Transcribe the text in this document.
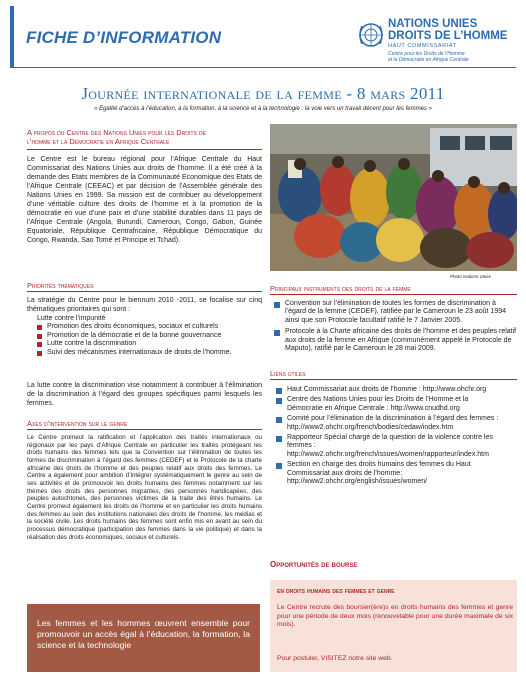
FICHE D’INFORMATION
NATIONS UNIES
DROITS DE L’HOMME
HAUT COMMISSARIAT
Centre pour les Droits de l’Homme
et la Démocratie en Afrique Centrale
Journée internationale de la femme - 8 mars 2011
« Egalité d’accès à l’éducation, à la formation, à la science et à la technologie : la voie vers un travail décent pour les femmes »
A propos du Centre des Nations Unies pour les Droits de
l’homme et la Démocratie en Afrique Centrale
Le Centre est le bureau régional pour l’Afrique Centrale du Haut Commissariat des Nations Unies aux droits de l’homme. Il a été créé à la demande des Etats membres de la Communauté Economique des Etats de l’Afrique Centrale (CEEAC) et par décision de l’Assemblée générale des Nations Unies en 1999. Sa mission est de contribuer au développement d’une véritable culture des droits de l’homme et à la promotion de la démocratie en vue d’une paix et d’une stabilité durables dans 11 pays de l’Afrique Centrale (Angola, Burundi, Cameroun, Congo, Gabon, Guinée Equatoriale, République Centrafricaine, République Démocratique du Congo, Rwanda, Sao Tomé et Principe et Tchad).
Priorités thématiques
La stratégie du Centre pour le biennum 2010 -2011, se focalise sur cinq thématiques prioritaires qui sont :
Lutte contre l’impunité
Promotion des droits économiques, sociaux et culturels
Promotion de la démocratie et de la bonne gouvernance
Lutte contre la discrimination
Suivi des mécanismes internationaux de droits de l’homme.
La lutte contre la discrimination vise notamment à contribuer à l’élimination de la discrimination à l’égard des groupes spécifiques parmi lesquels les femmes.
Axes d’intervention sur le genre
Le Centre promeut la ratification et l’application des traités internationaux ou régionaux par les pays d’Afrique Centrale en particulier les traités protégeant les droits humains des femmes tels que la Convention sur l’élimination de toutes les formes de discrimination à l’égard des femmes (CEDEF) et le Protocole de la charte africaine des droits de l’homme et des peuples relatif aux droits des femmes. Le Centre a également pour ambition d’intégrer systématiquement le genre au sein de ses activités et de promouvoir les droits humains des femmes notamment sur les thèmes des droits des personnes migrantes, des personnes handicapées, des peuples autochtones, des personnes victimes de la traite des êtres humains. Le Centre promeut également les droits de l’homme et en particulier les droits humains des femmes au sein des institutions nationales des droits de l’homme, les médias et la société civile. Les droits humains des femmes sont enfin mis en avant au sein du processus démocratique (participation des femmes dans la vie politique) et dans la réalisation des droits économiques, sociaux et culturels.
Les femmes et les hommes œuvrent ensemble pour promouvoir un accès égal à l’éducation, la formation, la science et la technologie
Photo Nations Unies
Principaux instruments des droits de la femme
Convention sur l’élimination de toutes les formes de discrimination à l’égard de la femme (CEDEF), ratifiée par le Cameroun le 23 août 1994 ainsi que son Protocole facultatif ratifié le 7 Janvier 2005.
Protocole à la Charte africaine des droits de l’homme et des peuples relatif aux droits de la femme en Afrique (communément appelé le Protocole de Maputo), ratifié par le Cameroun le 28 mai 2009.
Liens utiles
Haut Commissariat aux droits de l’homme : http://www.ohchr.org
Centre des Nations Unies pour les Droits de l’Homme et la Démocratie en Afrique Centrale : http://www.cnudhd.org
Comité pour l’élimination de la discrimination à l’égard des femmes : http://www2.ohchr.org/french/bodies/cedaw/index.htm
Rapporteur Spécial chargé de la question de la violence contre les femmes : http://www2.ohchr.org/french/issues/women/rapporteur/index.htm
Section en charge des droits humains des femmes du Haut Commissariat aux droits de l’homme: http://www2.ohchr.org/english/issues/women/
Opportunités de bourse
en droits humains des femmes et genre
Le Centre recrute des boursier(ère)s en droits humains des femmes et genre pour une période de deux mois (renouvelable pour une durée maximale de six mois).
Pour postuler, VISITEZ notre site web.
